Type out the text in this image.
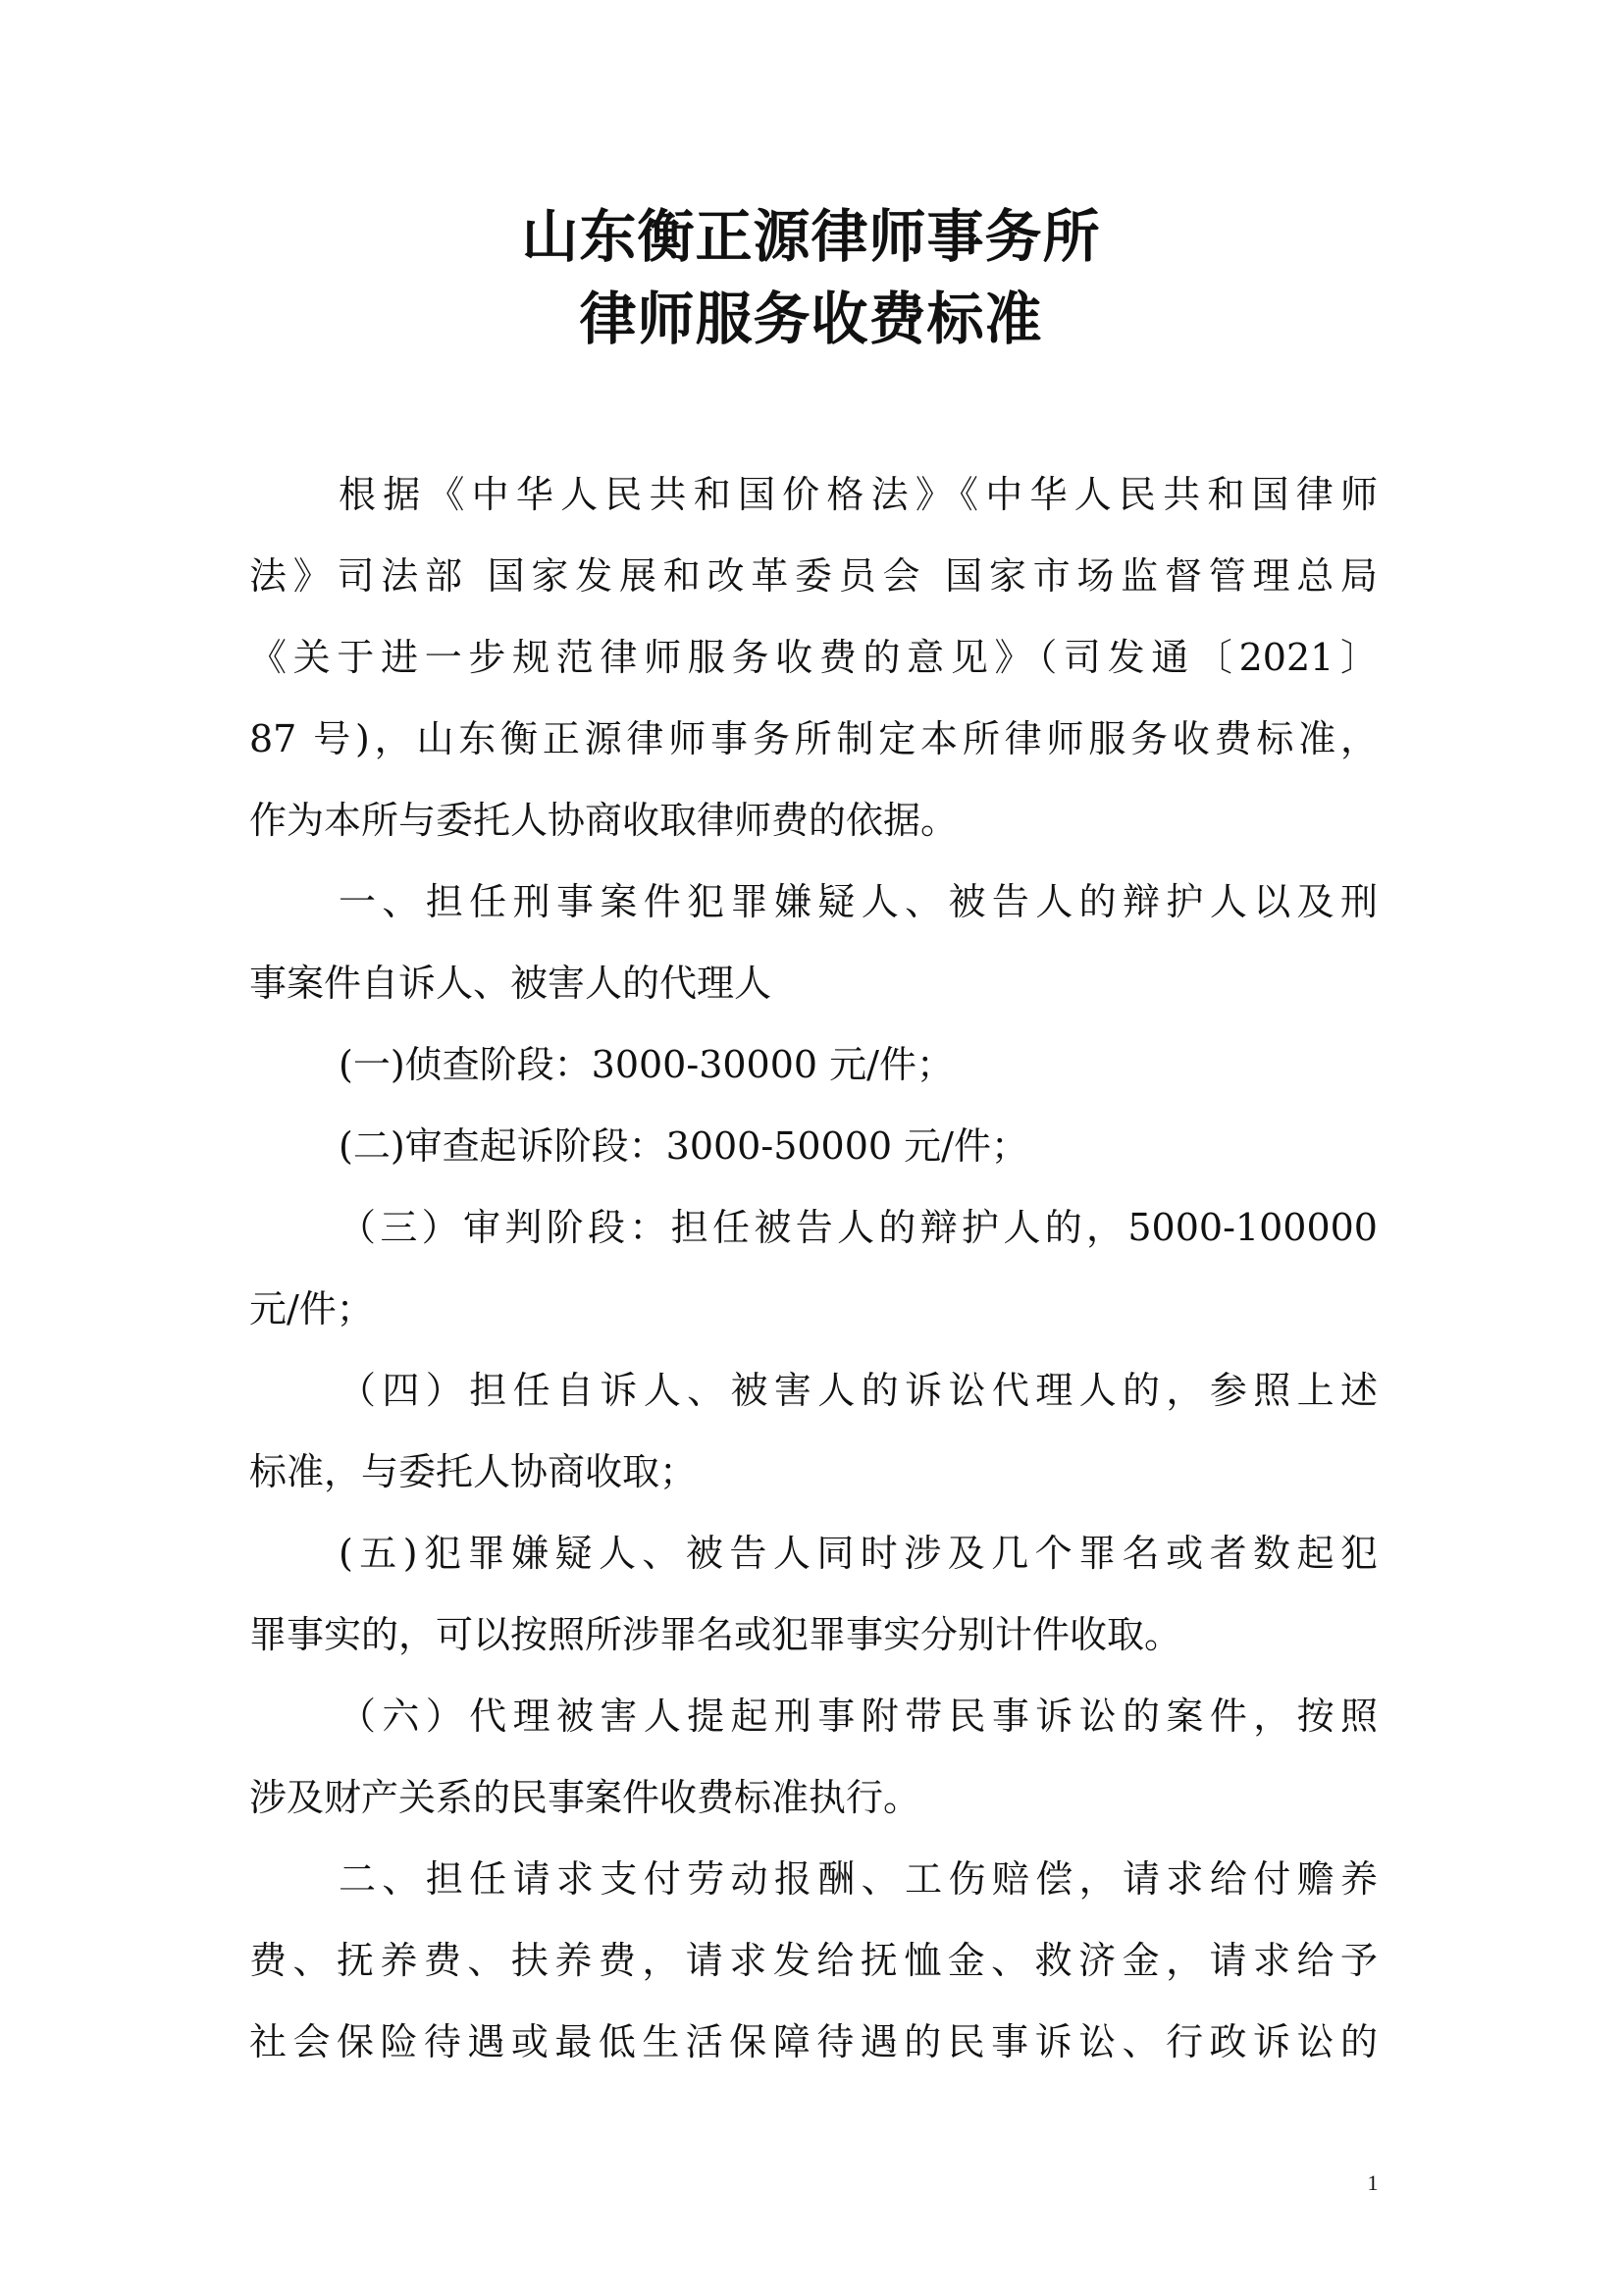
山东衡正源律师事务所
律师服务收费标准
根据《中华人民共和国价格法》《中华人民共和国律师
法》司法部 国家发展和改革委员会 国家市场监督管理总局
《关于进一步规范律师服务收费的意见》（司发通〔2021〕
87 号)，山东衡正源律师事务所制定本所律师服务收费标准，
作为本所与委托人协商收取律师费的依据。
一、担任刑事案件犯罪嫌疑人、被告人的辩护人以及刑
事案件自诉人、被害人的代理人
(一)侦查阶段：3000-30000 元/件；
(二)审查起诉阶段：3000-50000 元/件；
（三）审判阶段：担任被告人的辩护人的，5000-100000
元/件；
（四）担任自诉人、被害人的诉讼代理人的，参照上述
标准，与委托人协商收取；
(五)犯罪嫌疑人、被告人同时涉及几个罪名或者数起犯
罪事实的，可以按照所涉罪名或犯罪事实分别计件收取。
（六）代理被害人提起刑事附带民事诉讼的案件，按照
涉及财产关系的民事案件收费标准执行。
二、担任请求支付劳动报酬、工伤赔偿，请求给付赡养
费、抚养费、扶养费，请求发给抚恤金、救济金，请求给予
社会保险待遇或最低生活保障待遇的民事诉讼、行政诉讼的
1
